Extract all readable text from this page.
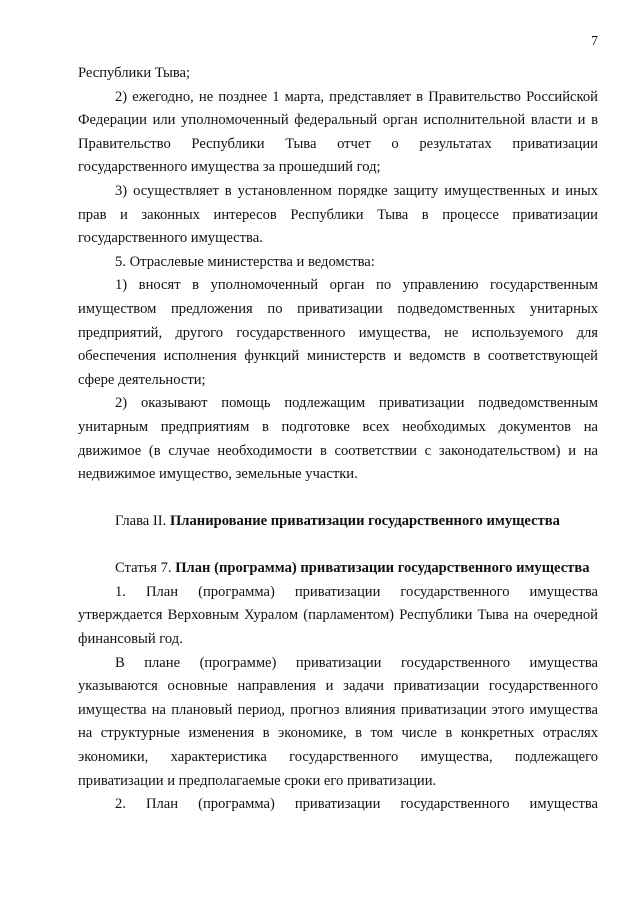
7

Республики Тыва;

2) ежегодно, не позднее 1 марта, представляет в Правительство Российской Федерации или уполномоченный федеральный орган исполнительной власти и в Правительство Республики Тыва отчет о результатах приватизации государственного имущества за прошедший год;

3) осуществляет в установленном порядке защиту имущественных и иных прав и законных интересов Республики Тыва в процессе приватизации государственного имущества.

5. Отраслевые министерства и ведомства:

1) вносят в уполномоченный орган по управлению государственным имуществом предложения по приватизации подведомственных унитарных предприятий, другого государственного имущества, не используемого для обеспечения исполнения функций министерств и ведомств в соответствующей сфере деятельности;

2) оказывают помощь подлежащим приватизации подведомственным унитарным предприятиям в подготовке всех необходимых документов на движимое (в случае необходимости в соответствии с законодательством) и на недвижимое имущество, земельные участки.

Глава II. Планирование приватизации государственного имущества

Статья 7. План (программа) приватизации государственного имущества

1. План (программа) приватизации государственного имущества утверждается Верховным Хуралом (парламентом) Республики Тыва на очередной финансовый год.

В плане (программе) приватизации государственного имущества указываются основные направления и задачи приватизации государственного имущества на плановый период, прогноз влияния приватизации этого имущества на структурные изменения в экономике, в том числе в конкретных отраслях экономики, характеристика государственного имущества, подлежащего приватизации и предполагаемые сроки его приватизации.

2. План (программа) приватизации государственного имущества
